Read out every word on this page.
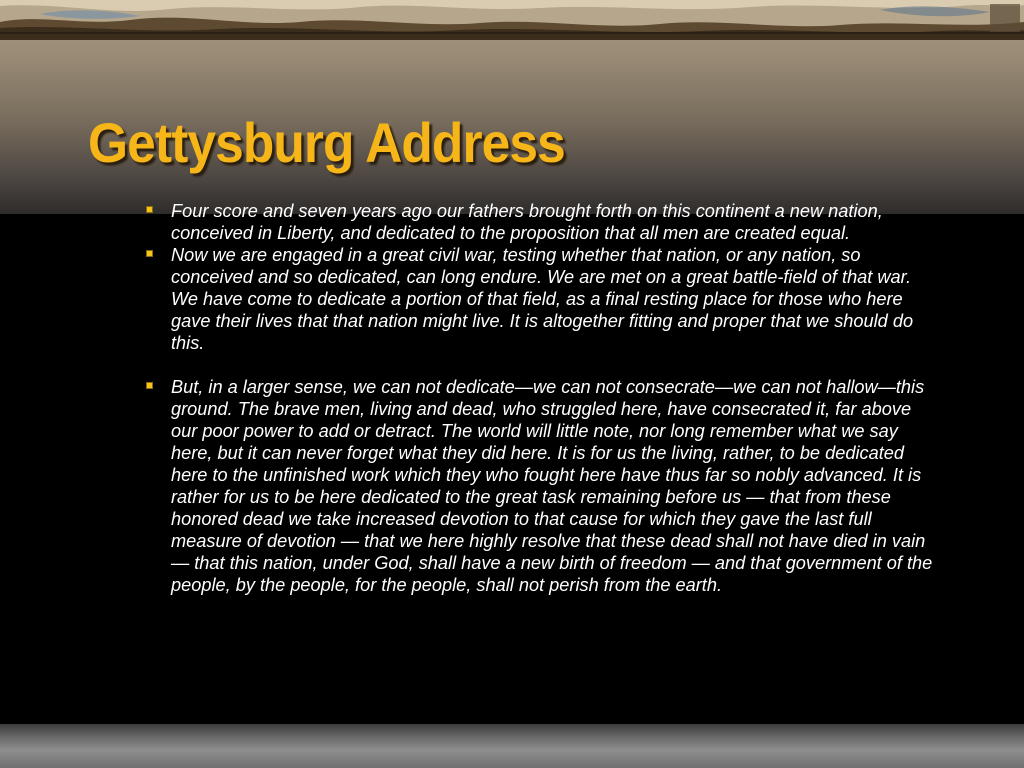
Gettysburg Address
Four score and seven years ago our fathers brought forth on this continent a new nation, conceived in Liberty, and dedicated to the proposition that all men are created equal.
Now we are engaged in a great civil war, testing whether that nation, or any nation, so conceived and so dedicated, can long endure. We are met on a great battle-field of that war. We have come to dedicate a portion of that field, as a final resting place for those who here gave their lives that that nation might live. It is altogether fitting and proper that we should do this.
But, in a larger sense, we can not dedicate—we can not consecrate—we can not hallow—this ground. The brave men, living and dead, who struggled here, have consecrated it, far above our poor power to add or detract. The world will little note, nor long remember what we say here, but it can never forget what they did here. It is for us the living, rather, to be dedicated here to the unfinished work which they who fought here have thus far so nobly advanced. It is rather for us to be here dedicated to the great task remaining before us — that from these honored dead we take increased devotion to that cause for which they gave the last full measure of devotion — that we here highly resolve that these dead shall not have died in vain — that this nation, under God, shall have a new birth of freedom — and that government of the people, by the people, for the people, shall not perish from the earth.
